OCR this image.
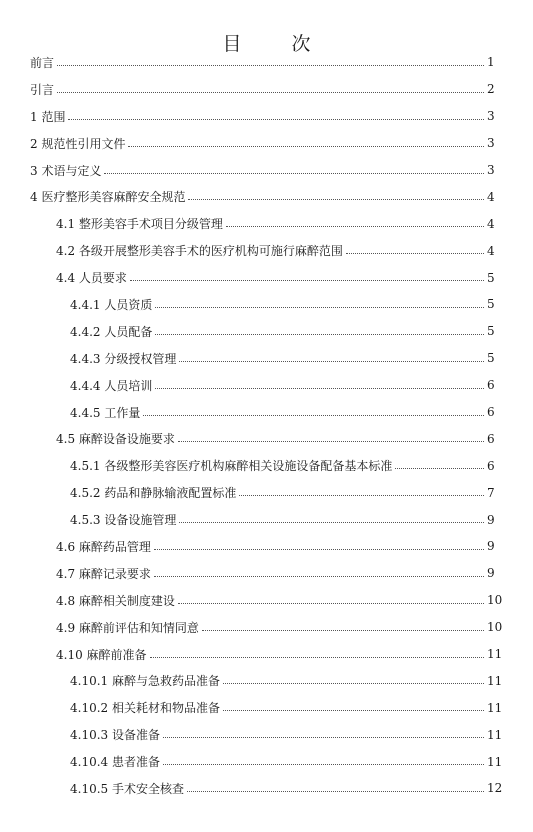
目 次
前言	1
引言	2
1 范围	3
2 规范性引用文件	3
3 术语与定义	3
4 医疗整形美容麻醉安全规范	4
4.1 整形美容手术项目分级管理	4
4.2 各级开展整形美容手术的医疗机构可施行麻醉范围	4
4.4 人员要求	5
4.4.1 人员资质	5
4.4.2 人员配备	5
4.4.3 分级授权管理	5
4.4.4 人员培训	6
4.4.5 工作量	6
4.5 麻醉设备设施要求	6
4.5.1 各级整形美容医疗机构麻醉相关设施设备配备基本标准	6
4.5.2 药品和静脉输液配置标准	7
4.5.3 设备设施管理	9
4.6 麻醉药品管理	9
4.7 麻醉记录要求	9
4.8 麻醉相关制度建设	10
4.9 麻醉前评估和知情同意	10
4.10 麻醉前准备	11
4.10.1 麻醉与急救药品准备	11
4.10.2 相关耗材和物品准备	11
4.10.3 设备准备	11
4.10.4 患者准备	11
4.10.5 手术安全核查	12
